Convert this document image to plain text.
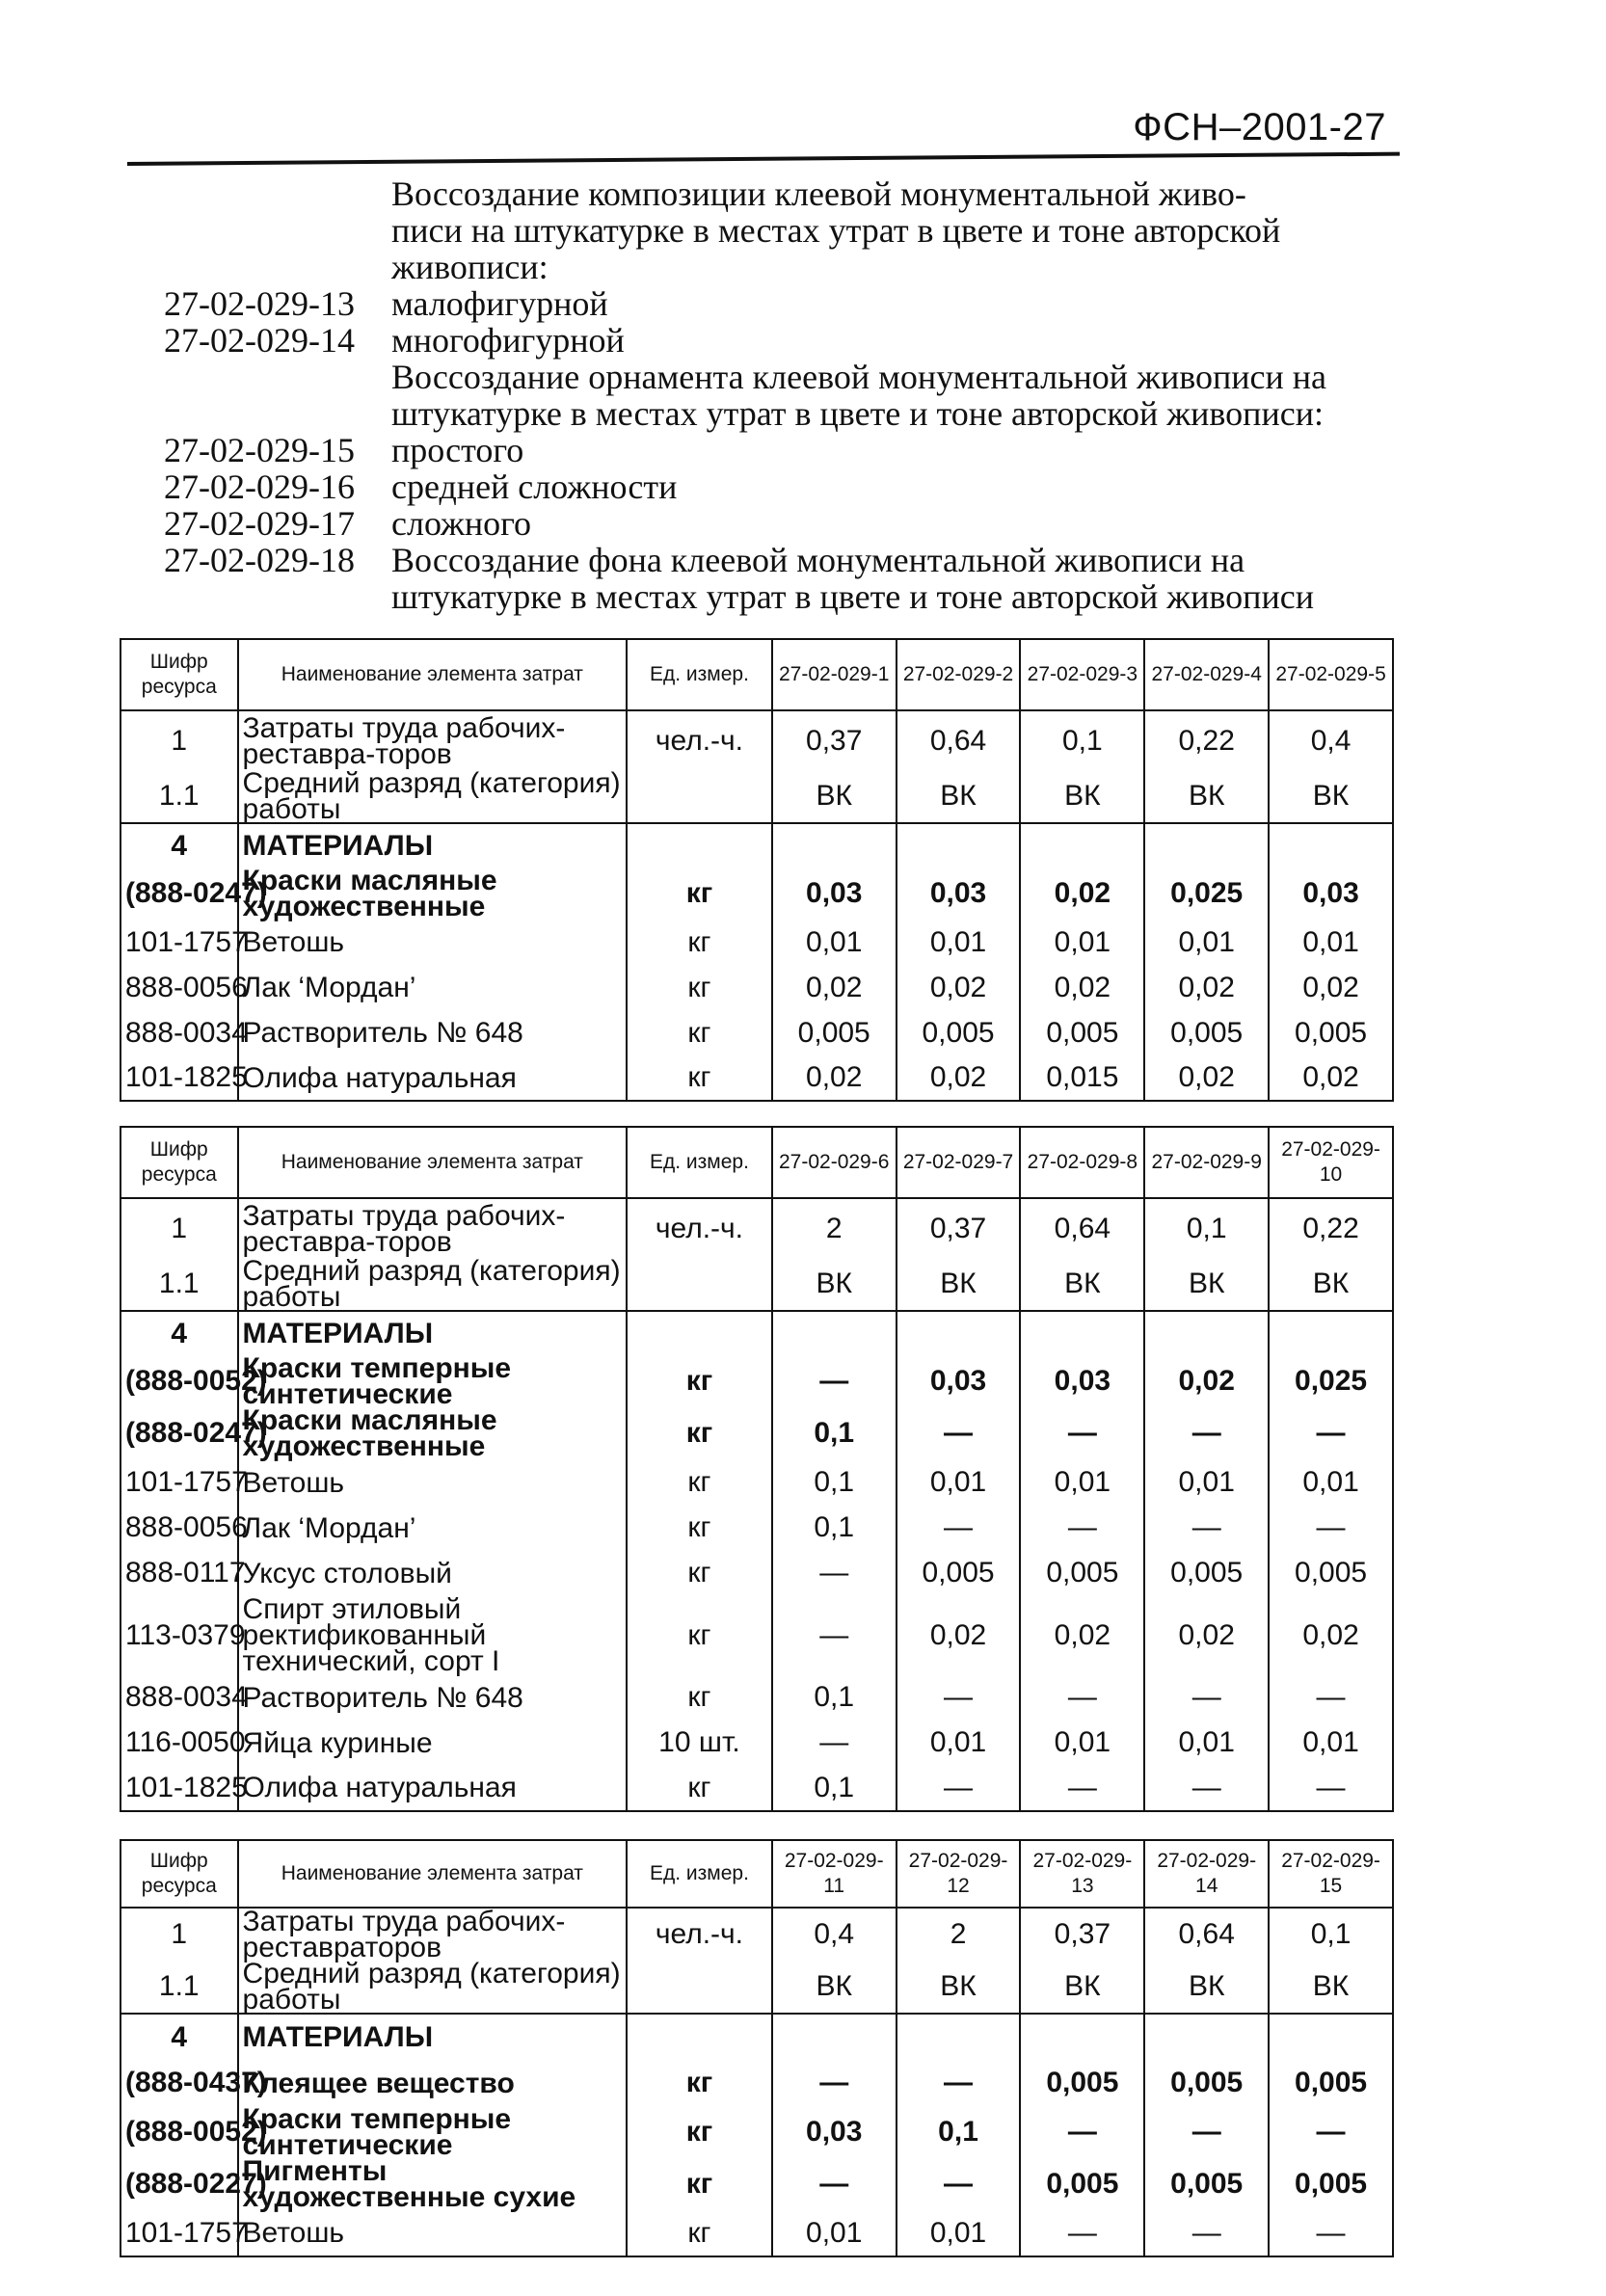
ФСН–2001-27
Воссоздание композиции клеевой монументальной живо-
писи на штукатурке в местах утрат в цвете и тоне авторской
живописи:
27-02-029-13	малофигурной
27-02-029-14	многофигурной
Воссоздание орнамента клеевой монументальной живописи на
штукатурке в местах утрат в цвете и тоне авторской живописи:
27-02-029-15	простого
27-02-029-16	средней сложности
27-02-029-17	сложного
27-02-029-18	Воссоздание фона клеевой монументальной живописи на
штукатурке в местах утрат в цвете и тоне авторской живописи
Шифр ресурса	Наименование элемента затрат	Ед. измер.	27-02-029-1	27-02-029-2	27-02-029-3	27-02-029-4	27-02-029-5
1	Затраты труда рабочих-реставра-торов	чел.-ч.	0,37	0,64	0,1	0,22	0,4
1.1	Средний разряд (категория) работы		ВК	ВК	ВК	ВК	ВК
4	МАТЕРИАЛЫ						
(888-0247)	Краски масляные художественные	кг	0,03	0,03	0,02	0,025	0,03
101-1757	Ветошь	кг	0,01	0,01	0,01	0,01	0,01
888-0056	Лак ‘Мордан’	кг	0,02	0,02	0,02	0,02	0,02
888-0034	Растворитель № 648	кг	0,005	0,005	0,005	0,005	0,005
101-1825	Олифа натуральная	кг	0,02	0,02	0,015	0,02	0,02
Шифр ресурса	Наименование элемента затрат	Ед. измер.	27-02-029-6	27-02-029-7	27-02-029-8	27-02-029-9	27-02-029-10
1	Затраты труда рабочих-реставра-торов	чел.-ч.	2	0,37	0,64	0,1	0,22
1.1	Средний разряд (категория) работы		ВК	ВК	ВК	ВК	ВК
4	МАТЕРИАЛЫ						
(888-0052)	Краски темперные синтетические	кг	—	0,03	0,03	0,02	0,025
(888-0247)	Краски масляные художественные	кг	0,1	—	—	—	—
101-1757	Ветошь	кг	0,1	0,01	0,01	0,01	0,01
888-0056	Лак ‘Мордан’	кг	0,1	—	—	—	—
888-0117	Уксус столовый	кг	—	0,005	0,005	0,005	0,005
113-0379	Спирт этиловый ректификованный технический, сорт I	кг	—	0,02	0,02	0,02	0,02
888-0034	Растворитель № 648	кг	0,1	—	—	—	—
116-0050	Яйца куриные	10 шт.	—	0,01	0,01	0,01	0,01
101-1825	Олифа натуральная	кг	0,1	—	—	—	—
Шифр ресурса	Наименование элемента затрат	Ед. измер.	27-02-029-11	27-02-029-12	27-02-029-13	27-02-029-14	27-02-029-15
1	Затраты труда рабочих-реставраторов	чел.-ч.	0,4	2	0,37	0,64	0,1
1.1	Средний разряд (категория) работы		ВК	ВК	ВК	ВК	ВК
4	МАТЕРИАЛЫ						
(888-0437)	Клеящее вещество	кг	—	—	0,005	0,005	0,005
(888-0052)	Краски темперные синтетические	кг	0,03	0,1	—	—	—
(888-0227)	Пигменты художественные сухие	кг	—	—	0,005	0,005	0,005
101-1757	Ветошь	кг	0,01	0,01	—	—	—
